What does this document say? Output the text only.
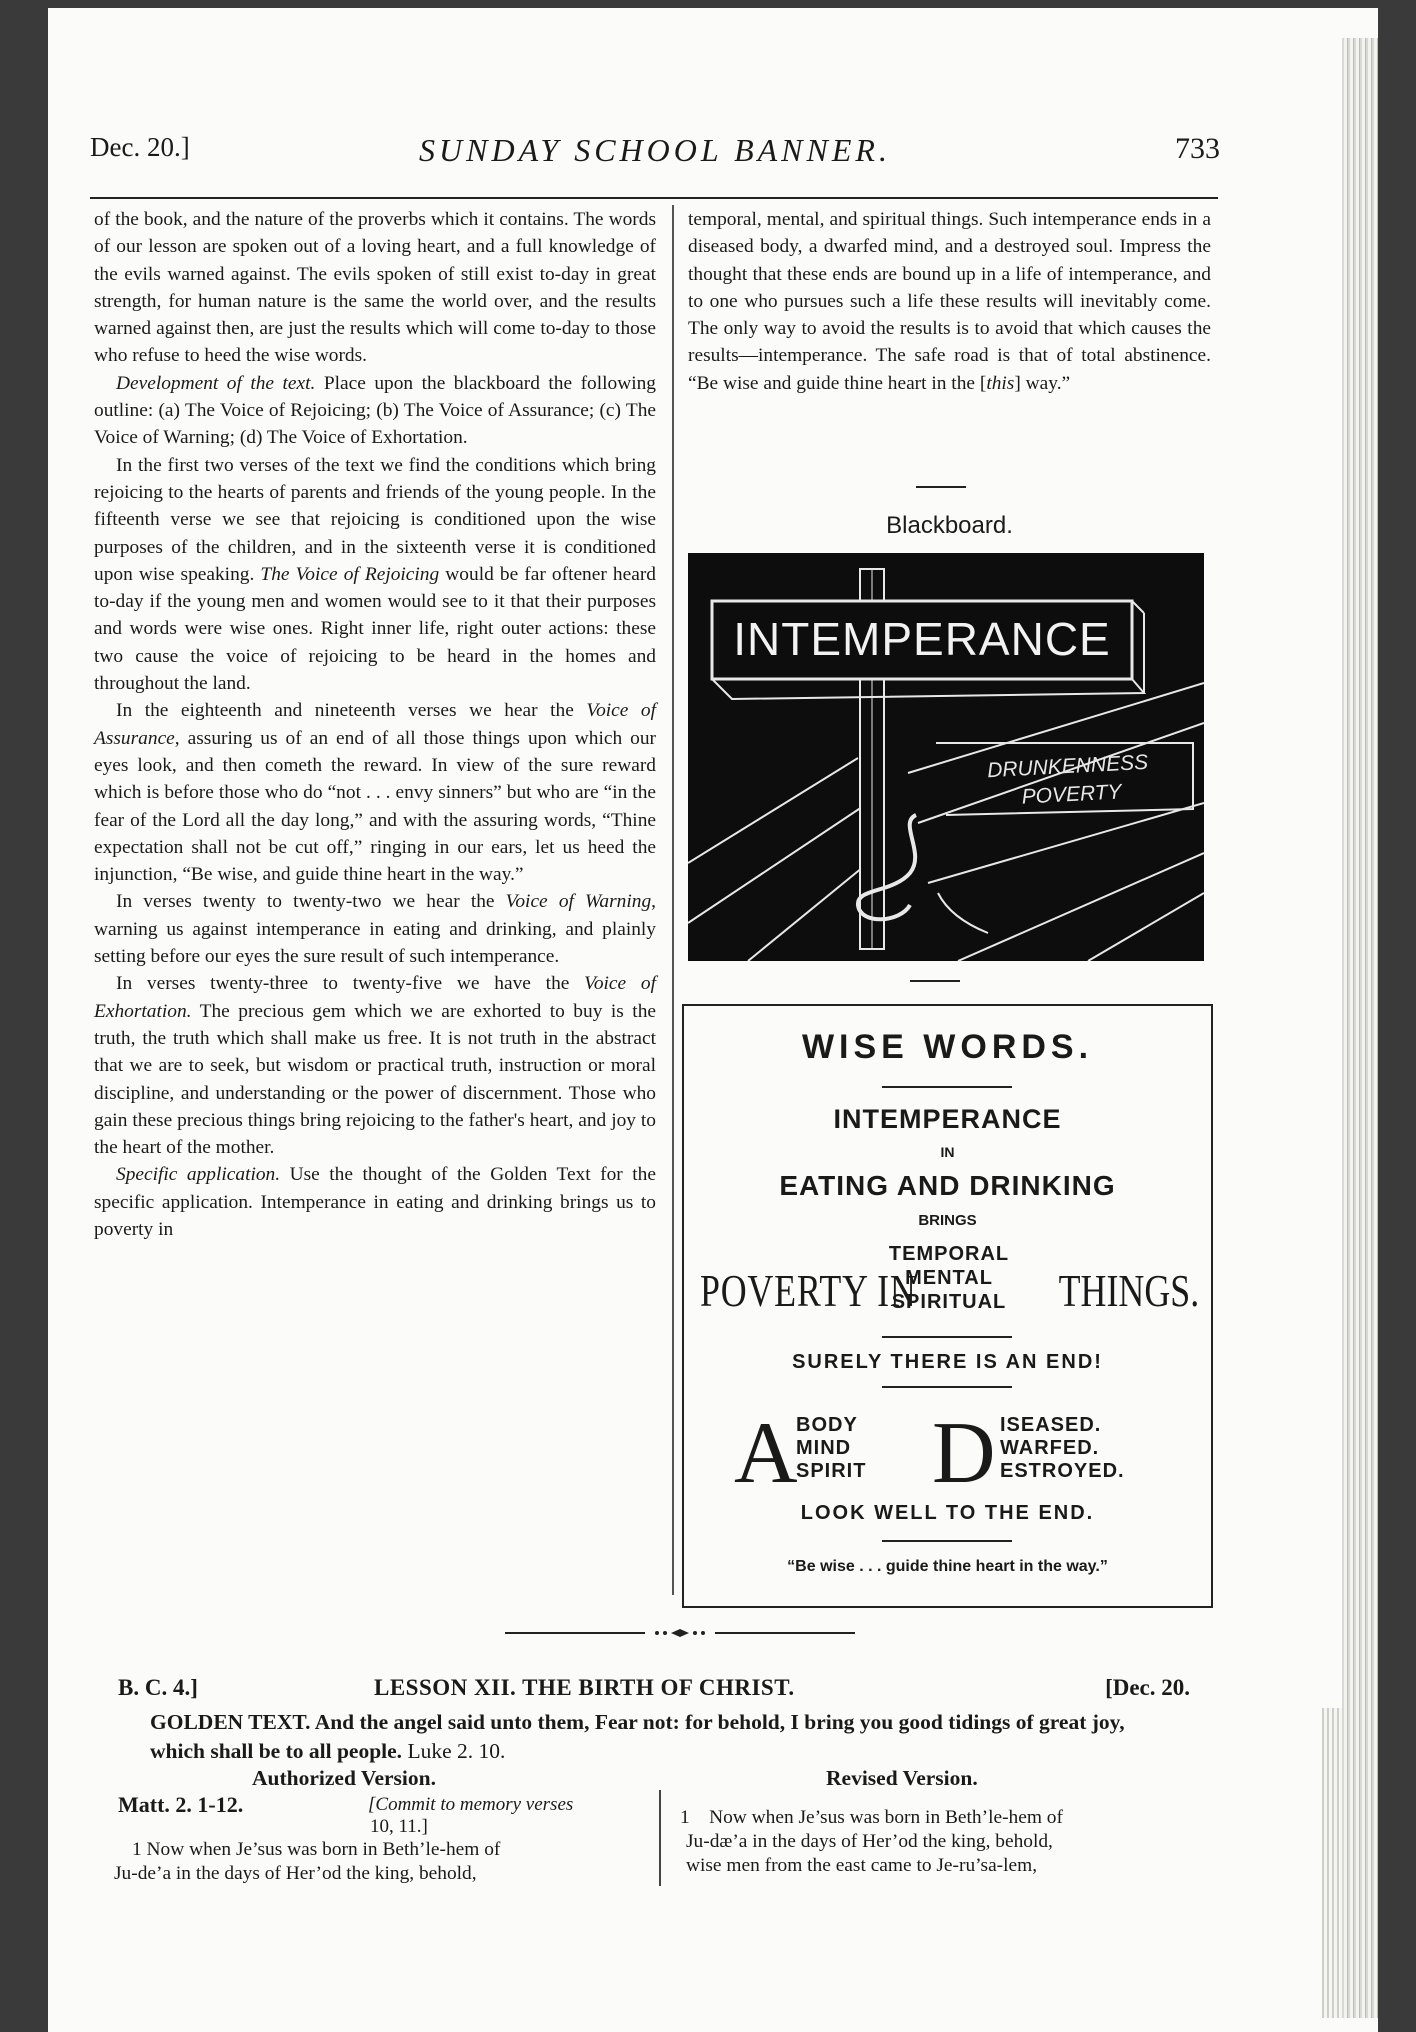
Dec. 20.]	SUNDAY SCHOOL BANNER.	733

of the book, and the nature of the proverbs which it contains. The words of our lesson are spoken out of a loving heart, and a full knowledge of the evils warned against. The evils spoken of still exist to-day in great strength, for human nature is the same the world over, and the results warned against then, are just the results which will come to-day to those who refuse to heed the wise words.

Development of the text. Place upon the blackboard the following outline: (a) The Voice of Rejoicing; (b) The Voice of Assurance; (c) The Voice of Warning; (d) The Voice of Exhortation.

In the first two verses of the text we find the conditions which bring rejoicing to the hearts of parents and friends of the young people. In the fifteenth verse we see that rejoicing is conditioned upon the wise purposes of the children, and in the sixteenth verse it is conditioned upon wise speaking. The Voice of Rejoicing would be far oftener heard to-day if the young men and women would see to it that their purposes and words were wise ones. Right inner life, right outer actions: these two cause the voice of rejoicing to be heard in the homes and throughout the land.

In the eighteenth and nineteenth verses we hear the Voice of Assurance, assuring us of an end of all those things upon which our eyes look, and then cometh the reward. In view of the sure reward which is before those who do “not . . . envy sinners” but who are “in the fear of the Lord all the day long,” and with the assuring words, “Thine expectation shall not be cut off,” ringing in our ears, let us heed the injunction, “Be wise, and guide thine heart in the way.”

In verses twenty to twenty-two we hear the Voice of Warning, warning us against intemperance in eating and drinking, and plainly setting before our eyes the sure result of such intemperance.

In verses twenty-three to twenty-five we have the Voice of Exhortation. The precious gem which we are exhorted to buy is the truth, the truth which shall make us free. It is not truth in the abstract that we are to seek, but wisdom or practical truth, instruction or moral discipline, and understanding or the power of discernment. Those who gain these precious things bring rejoicing to the father's heart, and joy to the heart of the mother.

Specific application. Use the thought of the Golden Text for the specific application. Intemperance in eating and drinking brings us to poverty in

temporal, mental, and spiritual things. Such intemperance ends in a diseased body, a dwarfed mind, and a destroyed soul. Impress the thought that these ends are bound up in a life of intemperance, and to one who pursues such a life these results will inevitably come. The only way to avoid the results is to avoid that which causes the results—intemperance. The safe road is that of total abstinence. “Be wise and guide thine heart in the [this] way.”

Blackboard.
INTEMPERANCE
DRUNKENNESS
POVERTY
WISE WORDS.
INTEMPERANCE
IN
EATING AND DRINKING
BRINGS
POVERTY IN
TEMPORAL
MENTAL
SPIRITUAL THINGS.
SURELY THERE IS AN END!
A
BODY
MIND
SPIRIT D ISEASED.
WARFED.
ESTROYED.
LOOK WELL TO THE END.
“Be wise . . . guide thine heart in the way.”
B. C. 4.]	LESSON XII. THE BIRTH OF CHRIST.	[Dec. 20.
GOLDEN TEXT. And the angel said unto them, Fear not: for behold, I bring you good tidings of great joy, which shall be to all people. Luke 2. 10.
Authorized Version.	Revised Version.
Matt. 2. 1-12.	[Commit to memory verses
10, 11.]
1 Now when Je’sus was born in Beth’le-hem of
Ju-de’a in the days of Her’od the king, behold,
1 Now when Je’sus was born in Beth’le-hem of
Ju-dæ’a in the days of Her’od the king, behold,
wise men from the east came to Je-ru’sa-lem,
